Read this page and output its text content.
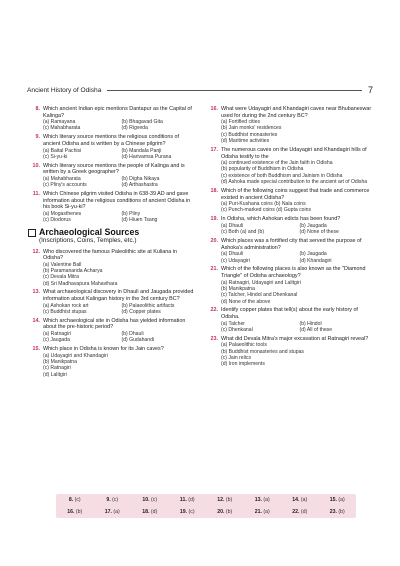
Ancient History of Odisha	7
8. Which ancient Indian epic mentions Dantapur as the Capital of Kalinga?
(a) Ramayana	(b) Bhagavad Gita
(c) Mahabharata	(d) Rigveda
9. Which literary source mentions the religious conditions of ancient Odisha and is written by a Chinese pilgrim?
(a) Baital Pachisi	(b) Mandala Panji
(c) Si-yu-ki	(d) Harivamsa Purana
10. Which literary source mentions the people of Kalinga and is written by a Greek geographer?
(a) Mahabharata	(b) Digha Nikaya
(c) Pliny's accounts	(d) Arthashastra
11. Which Chinese pilgrim visited Odisha in 638-39 AD and gave information about the religious conditions of ancient Odisha in his book Si-yu-ki?
(a) Mogasthenes	(b) Pliny
(c) Diodorus	(d) Hiuen Tsang
Archaeological Sources
(Inscriptions, Coins, Temples, etc.)
12. Who discovered the famous Paleolithic site at Kuliana in Odisha?
(a) Valentine Ball
(b) Paramananda Acharya
(c) Devala Mitra
(d) Sri Madhavapura Mahavihara
13. What archaeological discovery in Dhauli and Jaugada provided information about Kalingan history in the 3rd century BC?
(a) Ashokan rock art	(b) Palaeolithic artifacts
(c) Buddhist stupas	(d) Copper plates
14. Which archaeological site in Odisha has yielded information about the pre-historic period?
(a) Ratnagiri	(b) Dhauli
(c) Jaugada	(d) Gudahandi
15. Which place in Odisha is known for its Jain caves?
(a) Udayagiri and Khandagiri
(b) Manikpatna
(c) Ratnagiri
(d) Lalitgiri
16. What were Udayagiri and Khandagiri caves near Bhubaneswar used for during the 2nd century BC?
(a) Fortified cities
(b) Jain monks' residences
(c) Buddhist monasteries
(d) Maritime activities
17. The numerous caves on the Udayagiri and Khandagiri hills of Odisha testify to the
(a) continued existence of the Jain faith in Odisha
(b) popularity of Buddhism in Odisha
(c) existence of both Buddhism and Jainism in Odisha
(d) Ashoka made special contribution to the ancient art of Odisha
18. Which of the following coins suggest that trade and commerce existed in ancient Odisha?
(a) Puri-Kushana coins (b) Nala coins
(c) Punch-marked coins (d) Gupta coins
19. In Odisha, which Ashokan edicts has been found?
(a) Dhauli	(b) Jaugada
(c) Both (a) and (b)	(d) None of these
20. Which places was a fortified city that served the purpose of Ashoka's administration?
(a) Dhauli	(b) Jaugada
(c) Udayagiri	(d) Khandagiri
21. Which of the following places is also known as the "Diamond Triangle" of Odisha archaeology?
(a) Ratnagiri, Udayagiri and Lalitgiri
(b) Manikpatna
(c) Talcher, Hindol and Dhenkanal
(d) None of the above
22. Identify copper plates that tell(s) about the early history of Odisha.
(a) Talcher	(b) Hindol
(c) Dhenkanal	(d) All of these
23. What did Devala Mitra's major excavation at Ratnagiri reveal?
(a) Palaeolithic tools
(b) Buddhist monasteries and stupas
(c) Jain relics
(d) Iron implements
8. (c)	9. (c)	10. (c)	11. (d)	12. (b)	13. (a)	14. (a)	15. (a)
16. (b)	17. (a)	18. (d)	19. (c)	20. (b)	21. (a)	22. (d)	23. (b)
